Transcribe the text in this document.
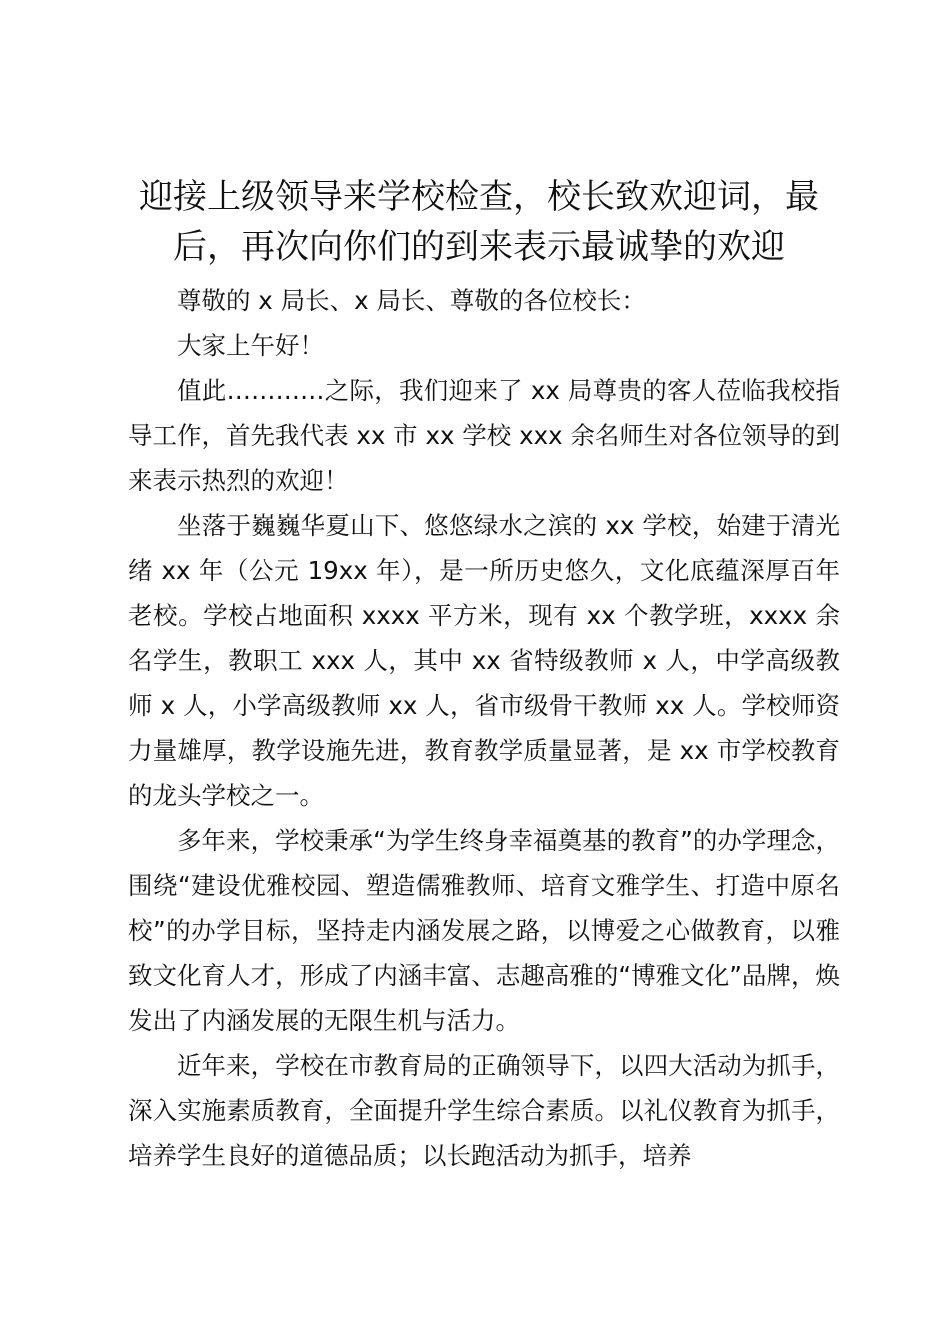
迎接上级领导来学校检查，校长致欢迎词，最后，再次向你们的到来表示最诚挚的欢迎

尊敬的 x 局长、x 局长、尊敬的各位校长：

大家上午好！

值此…………之际，我们迎来了 xx 局尊贵的客人莅临我校指导工作，首先我代表 xx 市 xx 学校 xxx 余名师生对各位领导的到来表示热烈的欢迎！

坐落于巍巍华夏山下、悠悠绿水之滨的 xx 学校，始建于清光绪 xx 年（公元 19xx 年），是一所历史悠久，文化底蕴深厚百年老校。学校占地面积 xxxx 平方米，现有 xx 个教学班，xxxx 余名学生，教职工 xxx 人，其中 xx 省特级教师 x 人，中学高级教师 x 人，小学高级教师 xx 人，省市级骨干教师 xx 人。学校师资力量雄厚，教学设施先进，教育教学质量显著，是 xx 市学校教育的龙头学校之一。

多年来，学校秉承“为学生终身幸福奠基的教育”的办学理念，围绕“建设优雅校园、塑造儒雅教师、培育文雅学生、打造中原名校”的办学目标，坚持走内涵发展之路，以博爱之心做教育，以雅致文化育人才，形成了内涵丰富、志趣高雅的“博雅文化”品牌，焕发出了内涵发展的无限生机与活力。

近年来，学校在市教育局的正确领导下，以四大活动为抓手，深入实施素质教育，全面提升学生综合素质。以礼仪教育为抓手，培养学生良好的道德品质；以长跑活动为抓手，培养
